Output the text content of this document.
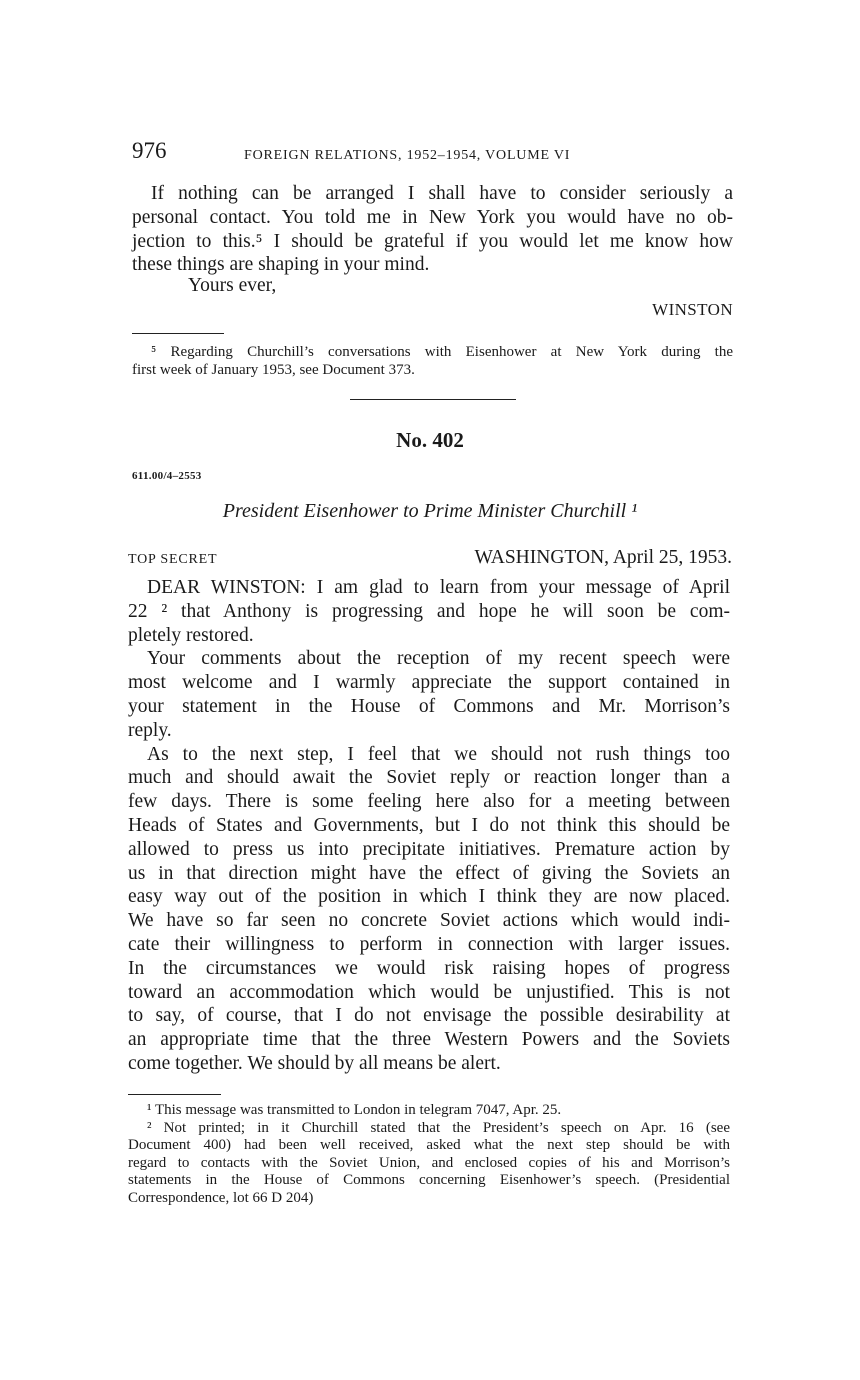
976	FOREIGN RELATIONS, 1952–1954, VOLUME VI
If nothing can be arranged I shall have to consider seriously a
personal contact. You told me in New York you would have no ob-
jection to this.⁵ I should be grateful if you would let me know how
these things are shaping in your mind.
Yours ever,
WINSTON
⁵ Regarding Churchill’s conversations with Eisenhower at New York during the
first week of January 1953, see Document 373.
No. 402
611.00/4–2553
President Eisenhower to Prime Minister Churchill ¹
TOP SECRET	WASHINGTON, April 25, 1953.
DEAR WINSTON: I am glad to learn from your message of April
22 ² that Anthony is progressing and hope he will soon be com-
pletely restored.
Your comments about the reception of my recent speech were
most welcome and I warmly appreciate the support contained in
your statement in the House of Commons and Mr. Morrison’s
reply.
As to the next step, I feel that we should not rush things too
much and should await the Soviet reply or reaction longer than a
few days. There is some feeling here also for a meeting between
Heads of States and Governments, but I do not think this should be
allowed to press us into precipitate initiatives. Premature action by
us in that direction might have the effect of giving the Soviets an
easy way out of the position in which I think they are now placed.
We have so far seen no concrete Soviet actions which would indi-
cate their willingness to perform in connection with larger issues.
In the circumstances we would risk raising hopes of progress
toward an accommodation which would be unjustified. This is not
to say, of course, that I do not envisage the possible desirability at
an appropriate time that the three Western Powers and the Soviets
come together. We should by all means be alert.
¹ This message was transmitted to London in telegram 7047, Apr. 25.
² Not printed; in it Churchill stated that the President’s speech on Apr. 16 (see
Document 400) had been well received, asked what the next step should be with
regard to contacts with the Soviet Union, and enclosed copies of his and Morrison’s
statements in the House of Commons concerning Eisenhower’s speech. (Presidential
Correspondence, lot 66 D 204)
